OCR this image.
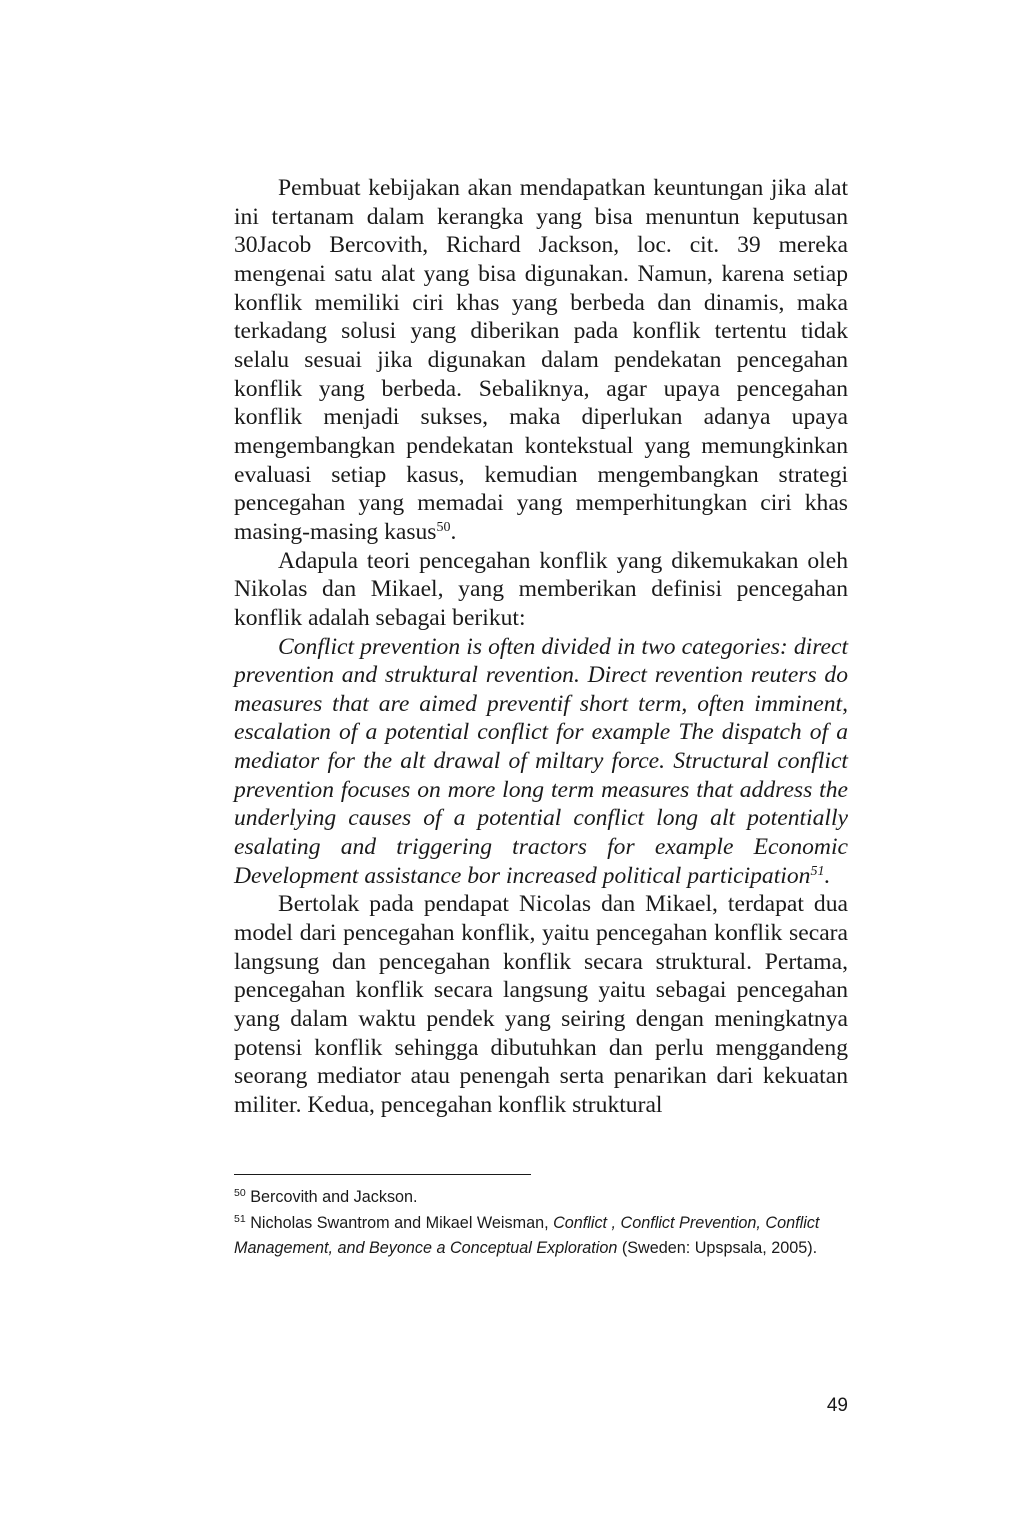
Pembuat kebijakan akan mendapatkan keuntungan jika alat ini tertanam dalam kerangka yang bisa menuntun keputusan 30Jacob Bercovith, Richard Jackson, loc. cit. 39 mereka mengenai satu alat yang bisa digunakan. Namun, karena setiap konflik memiliki ciri khas yang berbeda dan dinamis, maka terkadang solusi yang diberikan pada konflik tertentu tidak selalu sesuai jika digunakan dalam pendekatan pencegahan konflik yang berbeda. Sebaliknya, agar upaya pencegahan konflik menjadi sukses, maka diperlukan adanya upaya mengembangkan pendekatan kontekstual yang memungkinkan evaluasi setiap kasus, kemudian mengembangkan strategi pencegahan yang memadai yang memperhitungkan ciri khas masing-masing kasus$^{50}$.

Adapula teori pencegahan konflik yang dikemukakan oleh Nikolas dan Mikael, yang memberikan definisi pencegahan konflik adalah sebagai berikut:

Conflict prevention is often divided in two categories: direct prevention and struktural revention. Direct revention reuters do measures that are aimed preventif short term, often imminent, escalation of a potential conflict for example The dispatch of a mediator for the alt drawal of miltary force. Structural conflict prevention focuses on more long term measures that address the underlying causes of a potential conflict long alt potentially esalating and triggering tractors for example Economic Development assistance bor increased political participation$^{51}$.

Bertolak pada pendapat Nicolas dan Mikael, terdapat dua model dari pencegahan konflik, yaitu pencegahan konflik secara langsung dan pencegahan konflik secara struktural. Pertama, pencegahan konflik secara langsung yaitu sebagai pencegahan yang dalam waktu pendek yang seiring dengan meningkatnya potensi konflik sehingga dibutuhkan dan perlu menggandeng seorang mediator atau penengah serta penarikan dari kekuatan militer. Kedua, pencegahan konflik struktural

$^{50}$ Bercovith and Jackson.

$^{51}$ Nicholas Swantrom and Mikael Weisman, Conflict , Conflict Prevention, Conflict Management, and Beyonce a Conceptual Exploration (Sweden: Upspsala, 2005).

49
